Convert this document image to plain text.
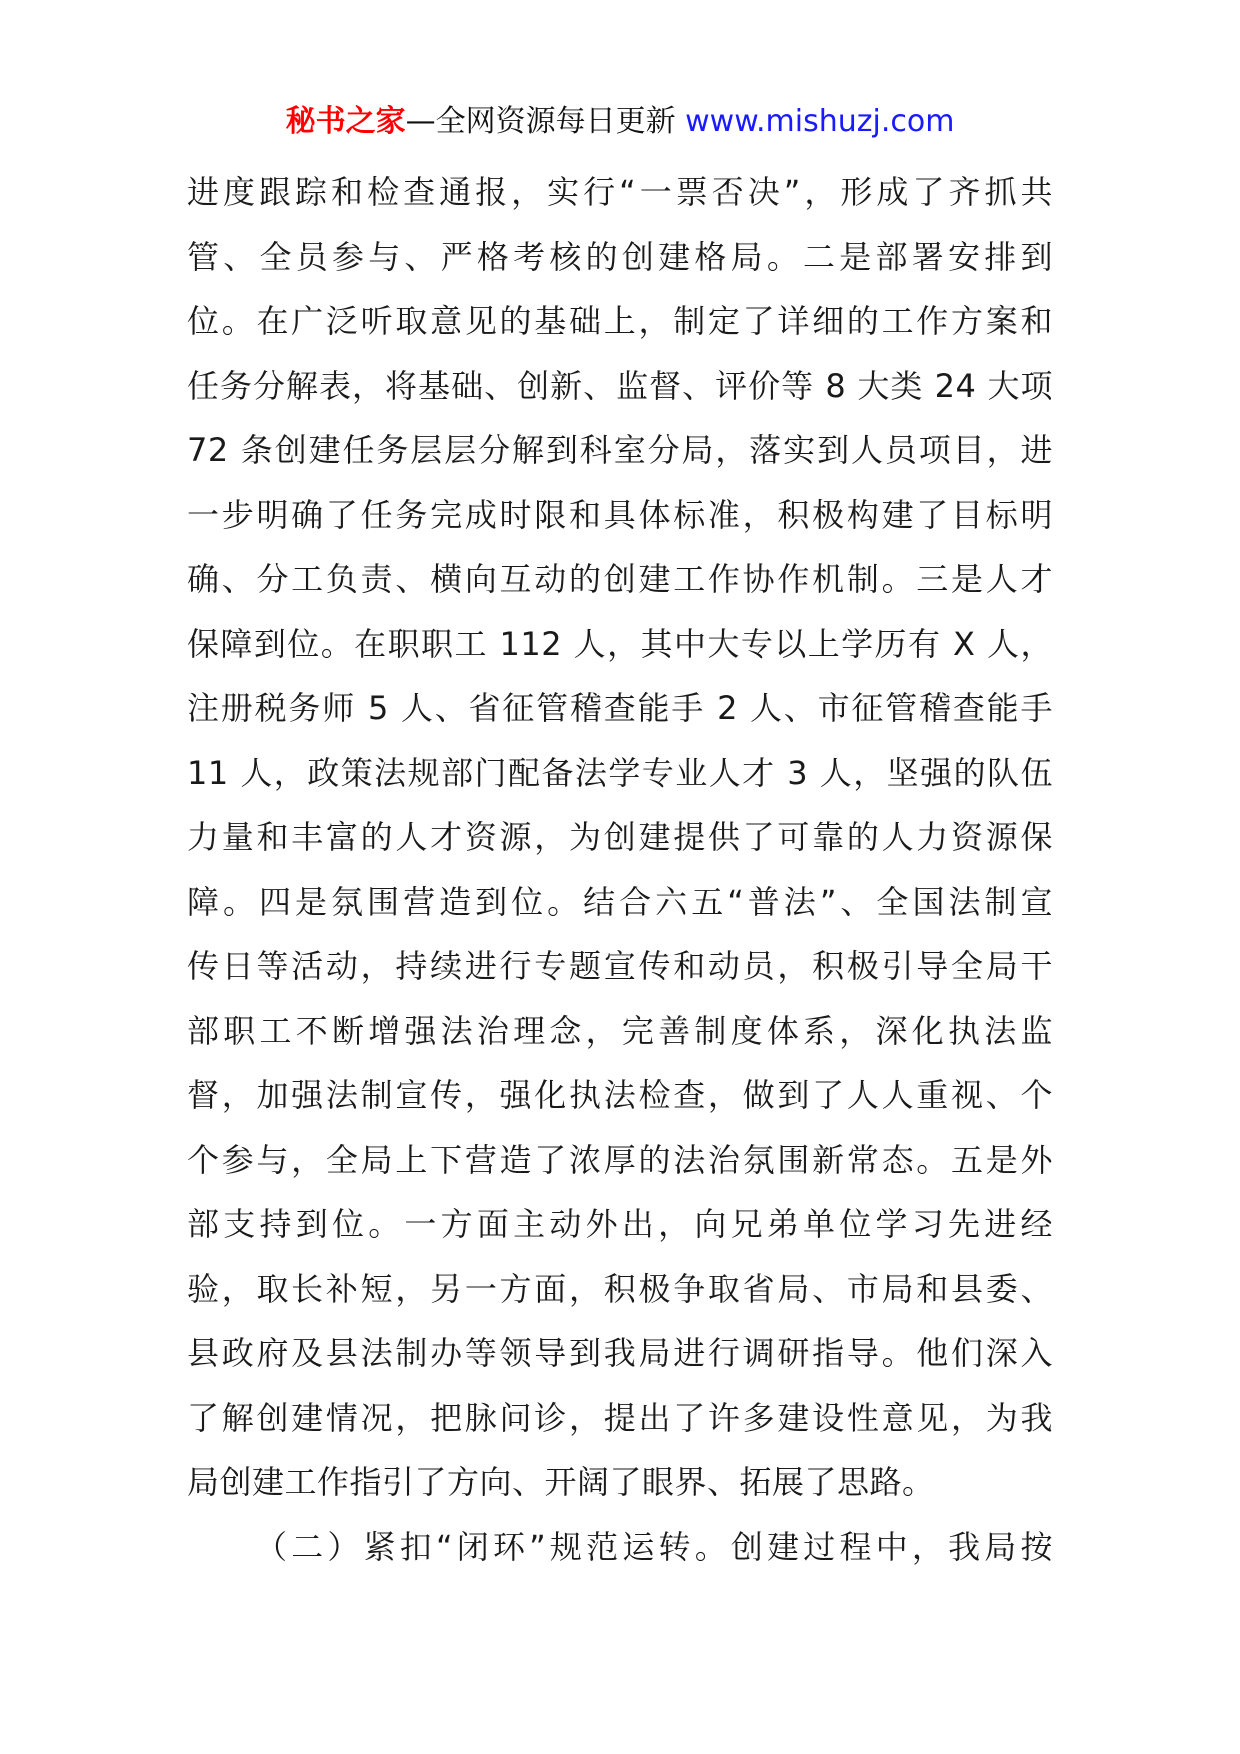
秘书之家—全网资源每日更新 www.mishuzj.com
进度跟踪和检查通报，实行“一票否决”，形成了齐抓共
管、全员参与、严格考核的创建格局。二是部署安排到
位。在广泛听取意见的基础上，制定了详细的工作方案和
任务分解表，将基础、创新、监督、评价等 8 大类 24 大项
72 条创建任务层层分解到科室分局，落实到人员项目，进
一步明确了任务完成时限和具体标准，积极构建了目标明
确、分工负责、横向互动的创建工作协作机制。三是人才
保障到位。在职职工 112 人，其中大专以上学历有 X 人，
注册税务师 5 人、省征管稽查能手 2 人、市征管稽查能手
11 人，政策法规部门配备法学专业人才 3 人，坚强的队伍
力量和丰富的人才资源，为创建提供了可靠的人力资源保
障。四是氛围营造到位。结合六五“普法”、全国法制宣
传日等活动，持续进行专题宣传和动员，积极引导全局干
部职工不断增强法治理念，完善制度体系，深化执法监
督，加强法制宣传，强化执法检查，做到了人人重视、个
个参与，全局上下营造了浓厚的法治氛围新常态。五是外
部支持到位。一方面主动外出，向兄弟单位学习先进经
验，取长补短，另一方面，积极争取省局、市局和县委、
县政府及县法制办等领导到我局进行调研指导。他们深入
了解创建情况，把脉问诊，提出了许多建设性意见，为我
局创建工作指引了方向、开阔了眼界、拓展了思路。
（二）紧扣“闭环”规范运转。创建过程中，我局按
